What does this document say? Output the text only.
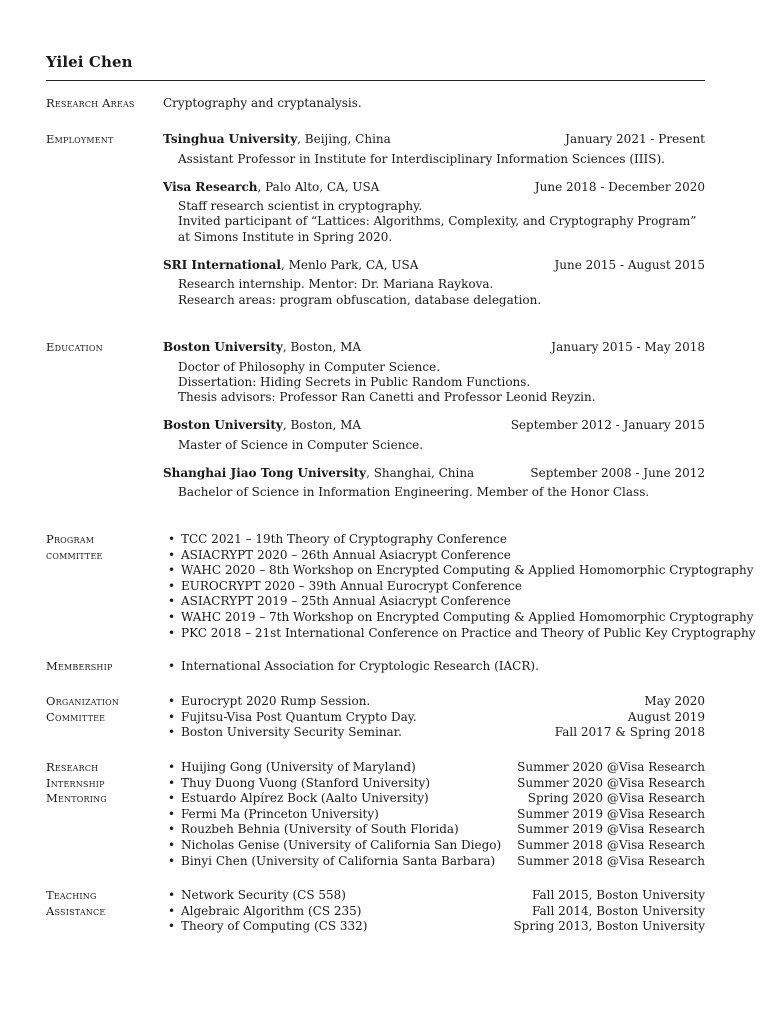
Yilei Chen
Research Areas	Cryptography and cryptanalysis.
Employment	Tsinghua University, Beijing, China	January 2021 - Present
Assistant Professor in Institute for Interdisciplinary Information Sciences (IIIS).
Visa Research, Palo Alto, CA, USA	June 2018 - December 2020
Staff research scientist in cryptography.
Invited participant of “Lattices: Algorithms, Complexity, and Cryptography Program” at Simons Institute in Spring 2020.
SRI International, Menlo Park, CA, USA	June 2015 - August 2015
Research internship. Mentor: Dr. Mariana Raykova.
Research areas: program obfuscation, database delegation.
Education	Boston University, Boston, MA	January 2015 - May 2018
Doctor of Philosophy in Computer Science.
Dissertation: Hiding Secrets in Public Random Functions.
Thesis advisors: Professor Ran Canetti and Professor Leonid Reyzin.
Boston University, Boston, MA	September 2012 - January 2015
Master of Science in Computer Science.
Shanghai Jiao Tong University, Shanghai, China	September 2008 - June 2012
Bachelor of Science in Information Engineering. Member of the Honor Class.
Program
committee
• TCC 2021 – 19th Theory of Cryptography Conference
• ASIACRYPT 2020 – 26th Annual Asiacrypt Conference
• WAHC 2020 – 8th Workshop on Encrypted Computing & Applied Homomorphic Cryptography
• EUROCRYPT 2020 – 39th Annual Eurocrypt Conference
• ASIACRYPT 2019 – 25th Annual Asiacrypt Conference
• WAHC 2019 – 7th Workshop on Encrypted Computing & Applied Homomorphic Cryptography
• PKC 2018 – 21st International Conference on Practice and Theory of Public Key Cryptography
Membership
•	International Association for Cryptologic Research (IACR).
Organization
Committee
• Eurocrypt 2020 Rump Session.	May 2020
• Fujitsu-Visa Post Quantum Crypto Day.	August 2019
• Boston University Security Seminar.	Fall 2017 & Spring 2018
Research
Internship
Mentoring
• Huijing Gong (University of Maryland)	Summer 2020 @Visa Research
• Thuy Duong Vuong (Stanford University)	Summer 2020 @Visa Research
• Estuardo Alpírez Bock (Aalto University)	Spring 2020 @Visa Research
• Fermi Ma (Princeton University)	Summer 2019 @Visa Research
• Rouzbeh Behnia (University of South Florida)	Summer 2019 @Visa Research
• Nicholas Genise (University of California San Diego) Summer 2018 @Visa Research
• Binyi Chen (University of California Santa Barbara) Summer 2018 @Visa Research
Teaching
Assistance
• Network Security (CS 558)	Fall 2015, Boston University
• Algebraic Algorithm (CS 235)	Fall 2014, Boston University
• Theory of Computing (CS 332)	Spring 2013, Boston University
